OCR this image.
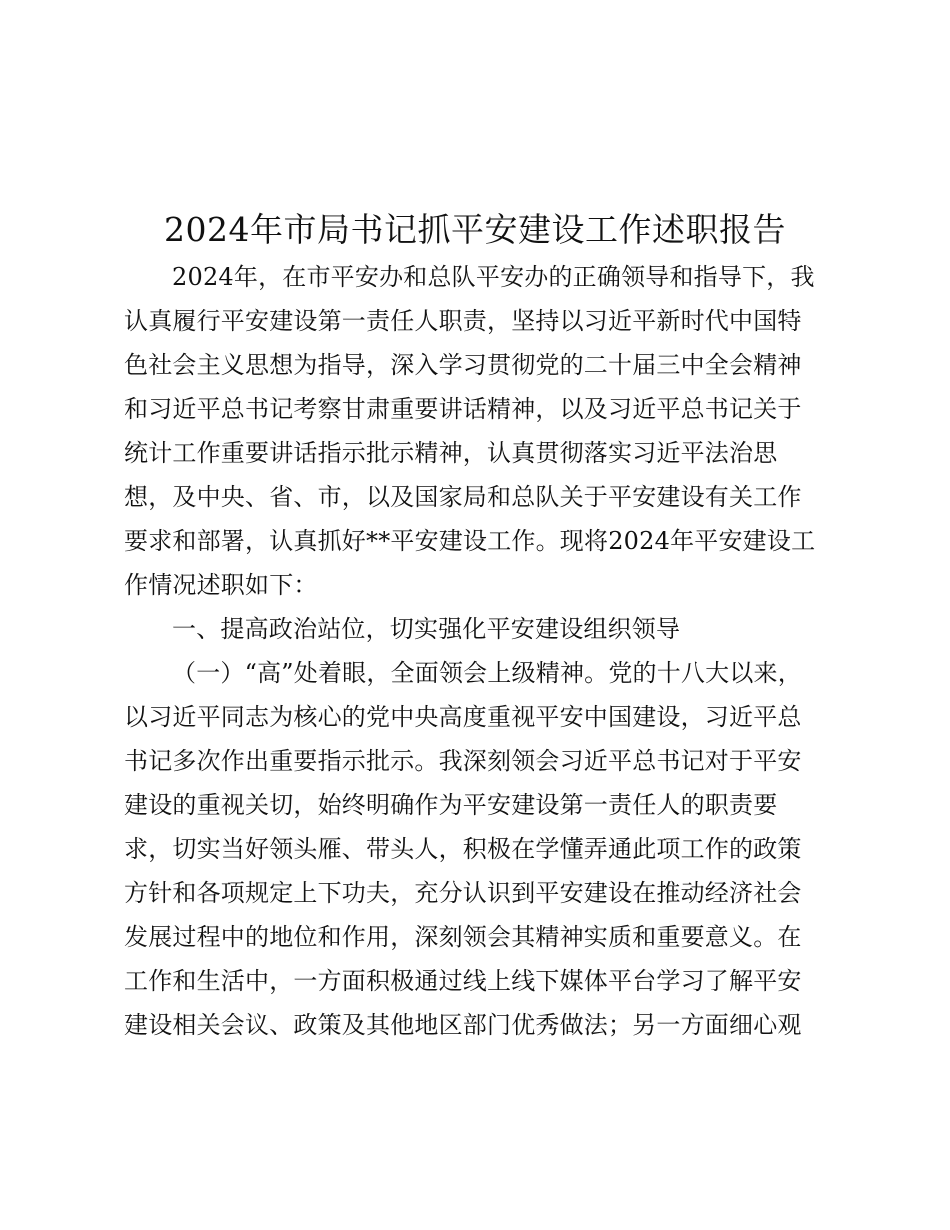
2024年市局书记抓平安建设工作述职报告
2024年，在市平安办和总队平安办的正确领导和指导下，我
认真履行平安建设第一责任人职责，坚持以习近平新时代中国特
色社会主义思想为指导，深入学习贯彻党的二十届三中全会精神
和习近平总书记考察甘肃重要讲话精神，以及习近平总书记关于
统计工作重要讲话指示批示精神，认真贯彻落实习近平法治思
想，及中央、省、市，以及国家局和总队关于平安建设有关工作
要求和部署，认真抓好**平安建设工作。现将2024年平安建设工
作情况述职如下：
一、提高政治站位，切实强化平安建设组织领导
（一）“高”处着眼，全面领会上级精神。党的十八大以来，
以习近平同志为核心的党中央高度重视平安中国建设，习近平总
书记多次作出重要指示批示。我深刻领会习近平总书记对于平安
建设的重视关切，始终明确作为平安建设第一责任人的职责要
求，切实当好领头雁、带头人，积极在学懂弄通此项工作的政策
方针和各项规定上下功夫，充分认识到平安建设在推动经济社会
发展过程中的地位和作用，深刻领会其精神实质和重要意义。在
工作和生活中，一方面积极通过线上线下媒体平台学习了解平安
建设相关会议、政策及其他地区部门优秀做法；另一方面细心观
